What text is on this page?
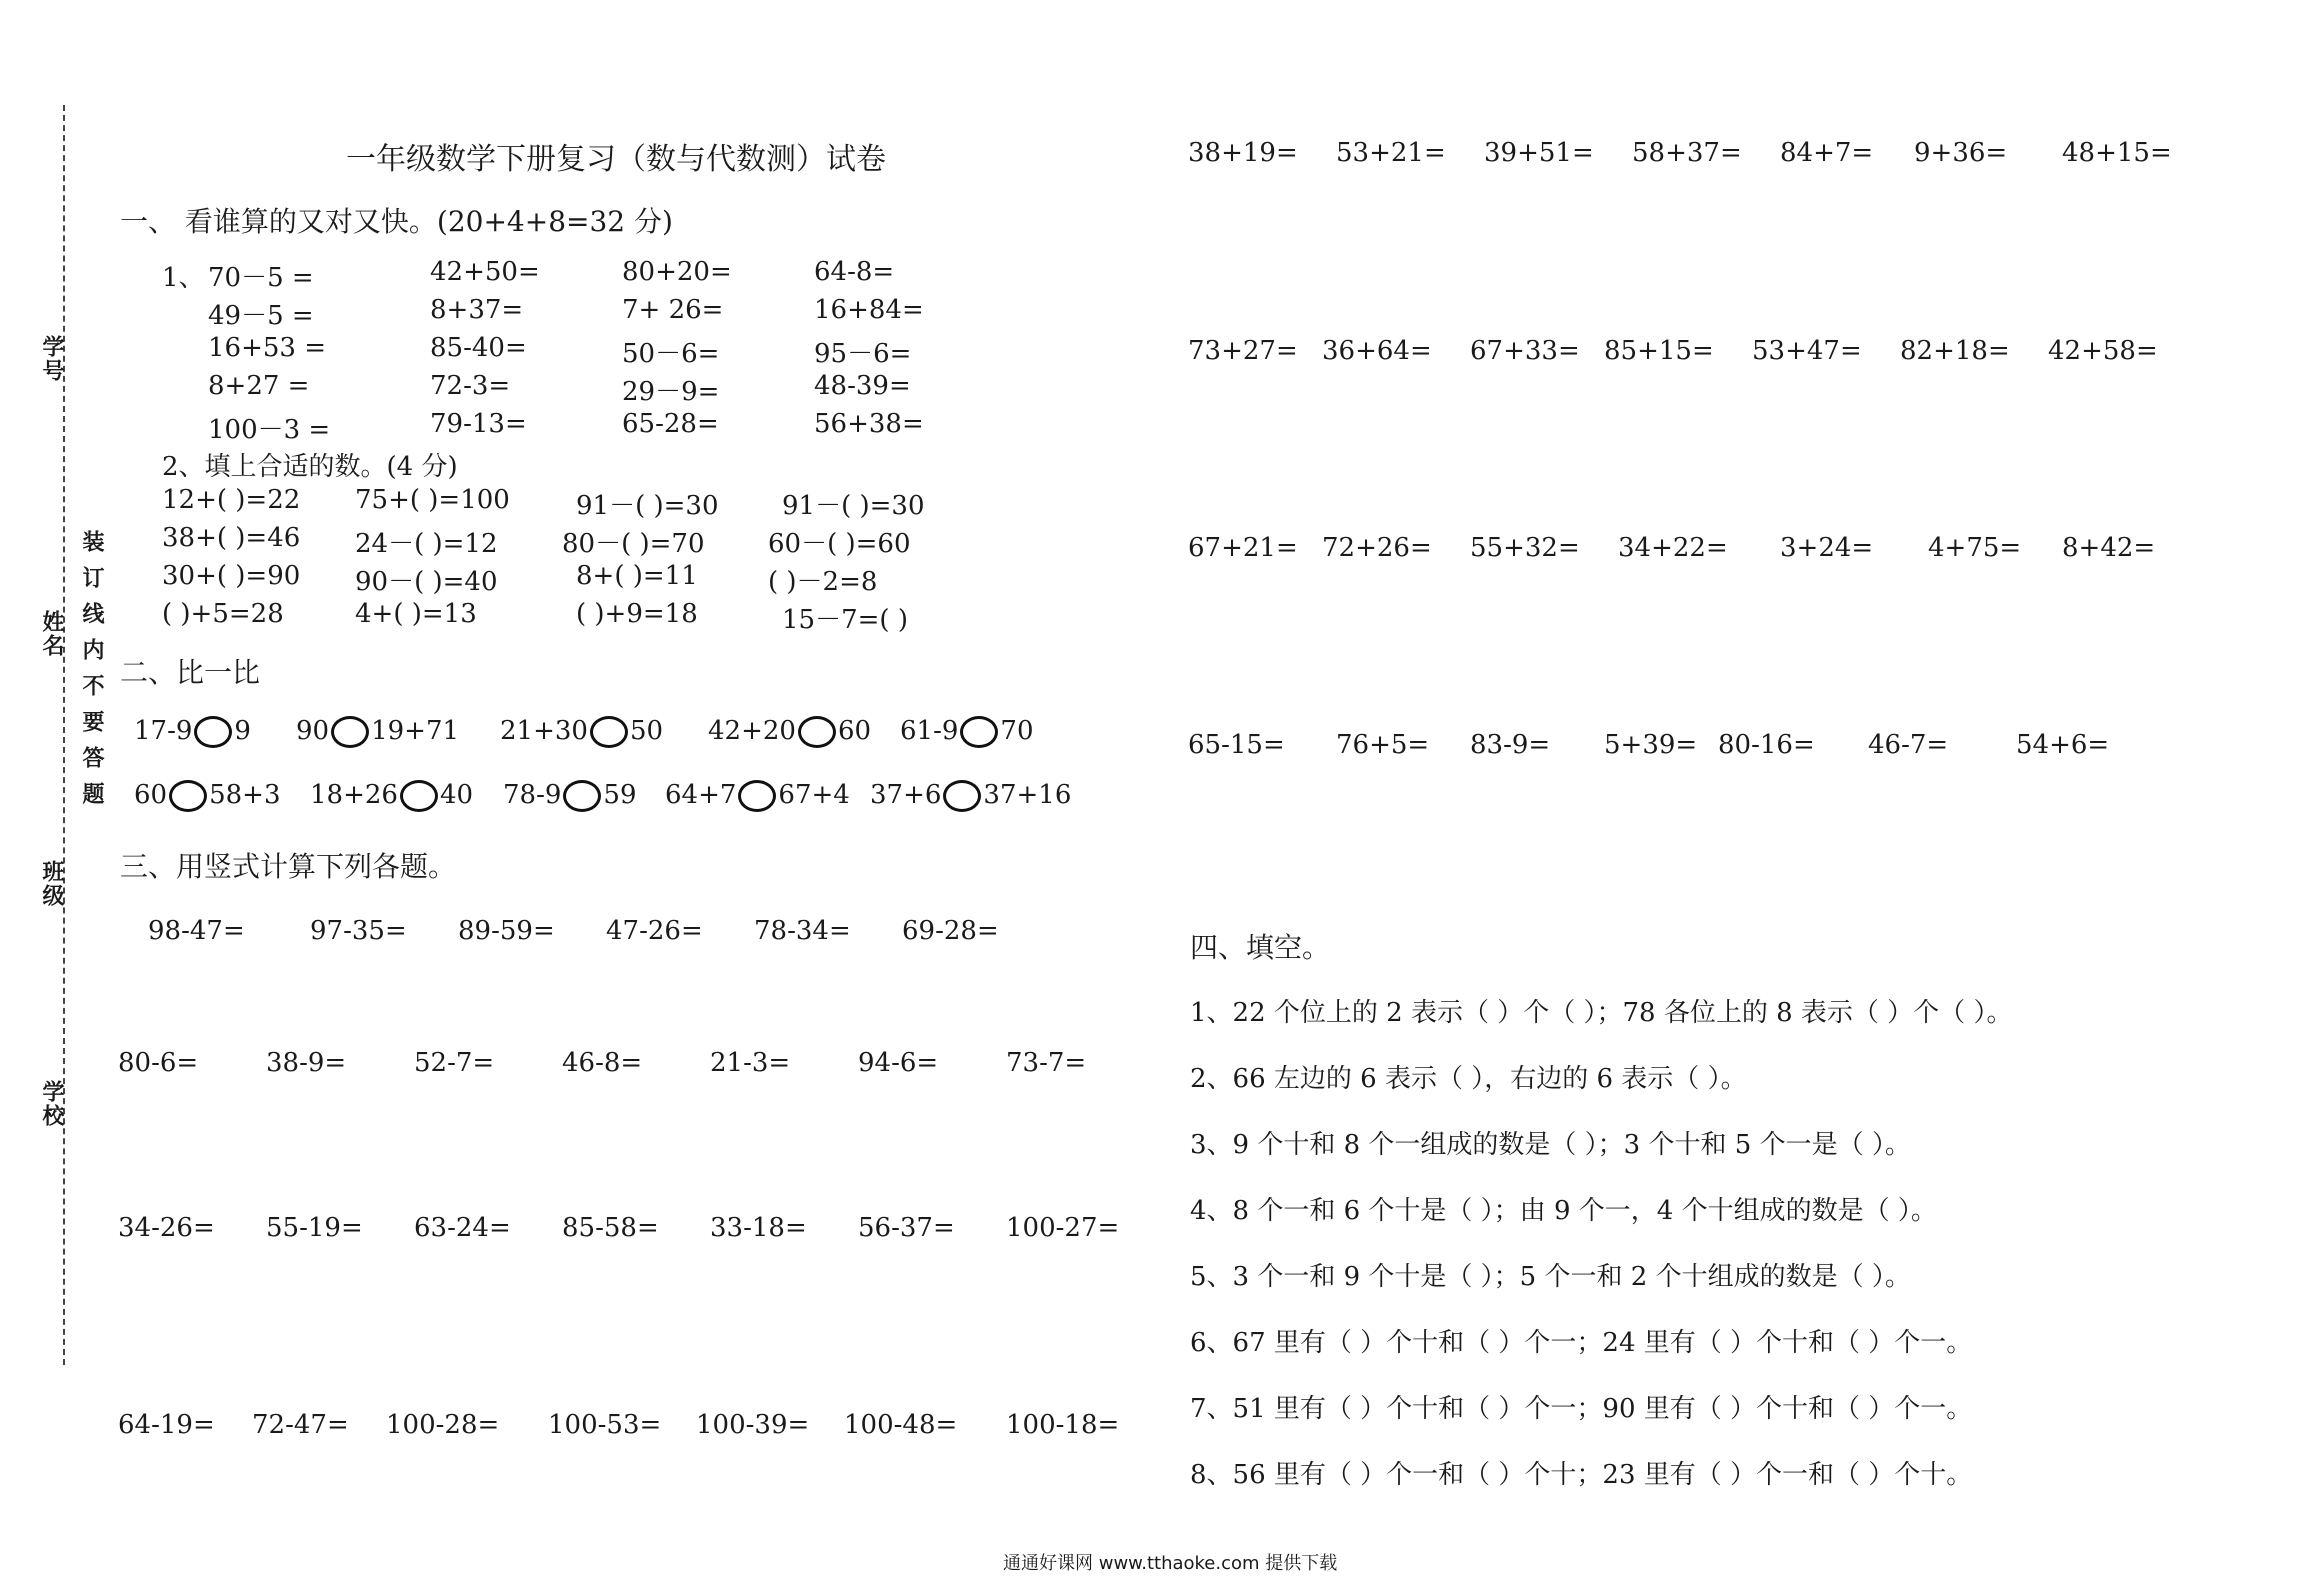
学号
姓名
班级
学校
装订线内不要答题
一年级数学下册复习（数与代数测）试卷
一、 看谁算的又对又快。(20+4+8=32 分)
1、 70－5 =	42+50=	80+20=	64-8=
49－5 =	8+37=	7+ 26=	16+84=
16+53 =	85-40=	50－6=	95－6=
8+27 =	72-3=	29－9=	48-39=
100－3 =	79-13=	65-28=	56+38=
2、填上合适的数。(4 分)
12+( )=22 75+( )=100	91－( )=30 91－( )=30
38+( )=46 24－( )=12 80－( )=70 60－( )=60
30+( )=90 90－( )=40	8+( )=11	( )－2=8
( )+5=28	4+( )=13	( )+9=18	15－7=( )
二、比一比
17-9 9 90 19+71 21+30 50 42+20 60 61-9 70
60 58+3 18+26 40 78-9 59 64+7 67+4 37+6 37+16
三、用竖式计算下列各题。
98-47=	97-35= 89-59= 47-26= 78-34= 69-28=
80-6=	38-9=	52-7=	46-8=	21-3=	94-6=	73-7=
34-26= 55-19= 63-24= 85-58= 33-18= 56-37= 100-27=
64-19= 72-47= 100-28= 100-53= 100-39= 100-48= 100-18=
38+19= 53+21= 39+51= 58+37= 84+7= 9+36= 48+15=
73+27= 36+64= 67+33= 85+15= 53+47= 82+18= 42+58=
67+21= 72+26= 55+32= 34+22= 3+24= 4+75= 8+42=
65-15= 76+5= 83-9= 5+39= 80-16= 46-7=	54+6=
四、填空。
1、22 个位上的 2 表示（ ）个（ ）；78 各位上的 8 表示（ ）个（ ）。
2、66 左边的 6 表示（ ），右边的 6 表示（ ）。
3、9 个十和 8 个一组成的数是（ ）；3 个十和 5 个一是（ ）。
4、8 个一和 6 个十是（ ）；由 9 个一，4 个十组成的数是（ ）。
5、3 个一和 9 个十是（ ）；5 个一和 2 个十组成的数是（ ）。
6、67 里有（ ）个十和（ ）个一；24 里有（ ）个十和（ ）个一。
7、51 里有（ ）个十和（ ）个一；90 里有（ ）个十和（ ）个一。
8、56 里有（ ）个一和（ ）个十；23 里有（ ）个一和（ ）个十。
通通好课网 www.tthaoke.com 提供下载
